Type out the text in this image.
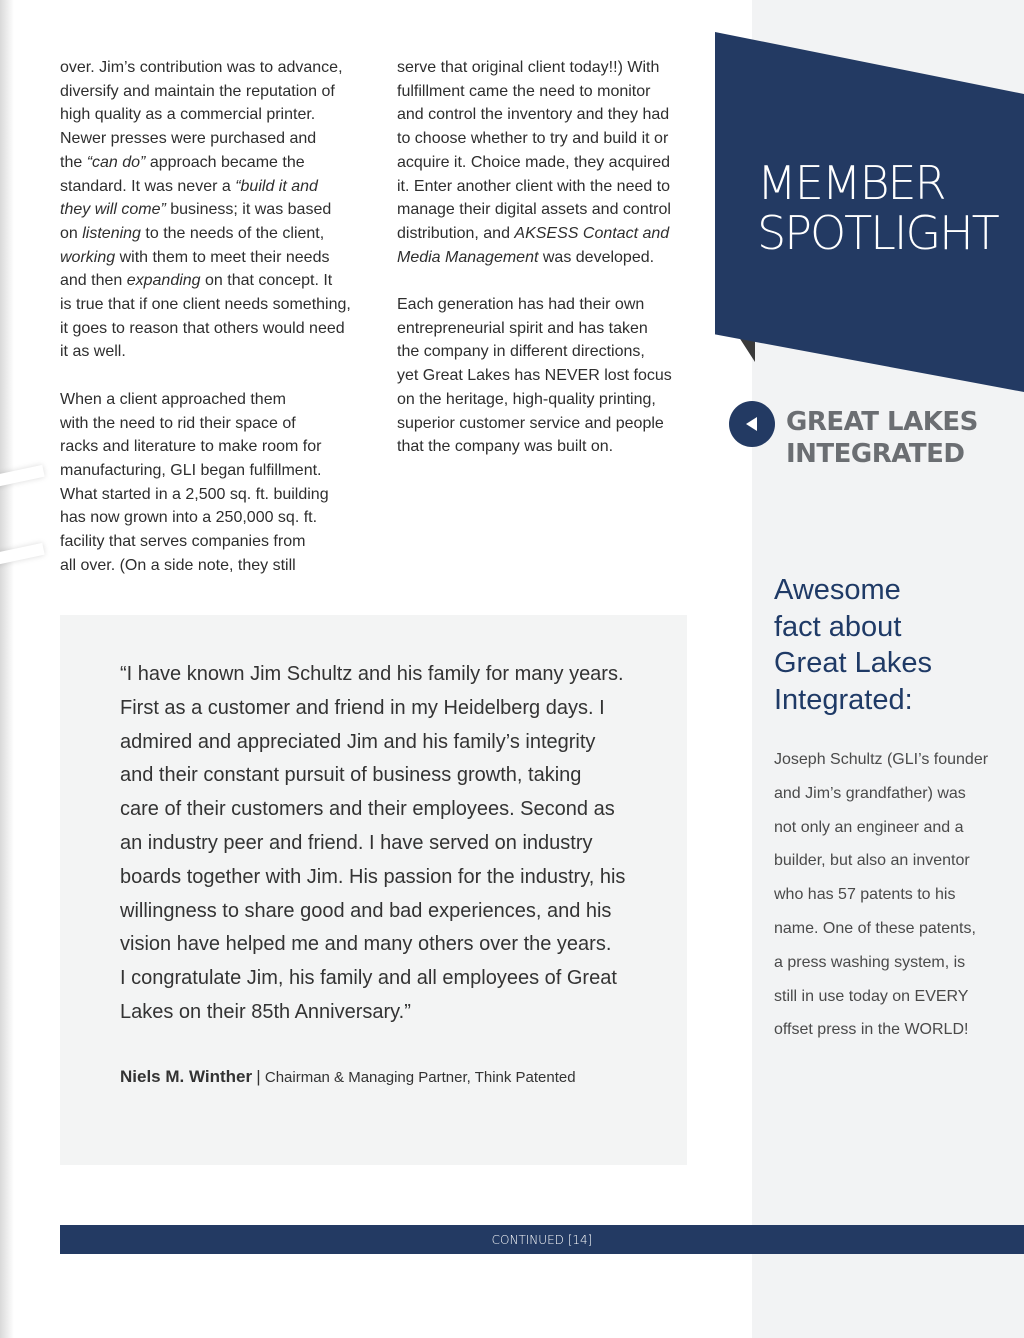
over. Jim’s contribution was to advance,
diversify and maintain the reputation of
high quality as a commercial printer.
Newer presses were purchased and
the “can do” approach became the
standard. It was never a “build it and
they will come” business; it was based
on listening to the needs of the client,
working with them to meet their needs
and then expanding on that concept. It
is true that if one client needs something,
it goes to reason that others would need
it as well.

When a client approached them
with the need to rid their space of
racks and literature to make room for
manufacturing, GLI began fulfillment.
What started in a 2,500 sq. ft. building
has now grown into a 250,000 sq. ft.
facility that serves companies from
all over. (On a side note, they still

serve that original client today!!) With
fulfillment came the need to monitor
and control the inventory and they had
to choose whether to try and build it or
acquire it. Choice made, they acquired
it. Enter another client with the need to
manage their digital assets and control
distribution, and AKSESS Contact and
Media Management was developed.

Each generation has had their own
entrepreneurial spirit and has taken
the company in different directions,
yet Great Lakes has NEVER lost focus
on the heritage, high-quality printing,
superior customer service and people
that the company was built on.

MEMBER
SPOTLIGHT
GREAT LAKES
INTEGRATED
Awesome
fact about
Great Lakes
Integrated:
Joseph Schultz (GLI’s founder
and Jim’s grandfather) was
not only an engineer and a
builder, but also an inventor
who has 57 patents to his
name. One of these patents,
a press washing system, is
still in use today on EVERY
offset press in the WORLD!
“I have known Jim Schultz and his family for many years.
First as a customer and friend in my Heidelberg days. I
admired and appreciated Jim and his family’s integrity
and their constant pursuit of business growth, taking
care of their customers and their employees. Second as
an industry peer and friend. I have served on industry
boards together with Jim. His passion for the industry, his
willingness to share good and bad experiences, and his
vision have helped me and many others over the years.
I congratulate Jim, his family and all employees of Great
Lakes on their 85th Anniversary.”
Niels M. Winther | Chairman & Managing Partner, Think Patented
CONTINUED [14]
